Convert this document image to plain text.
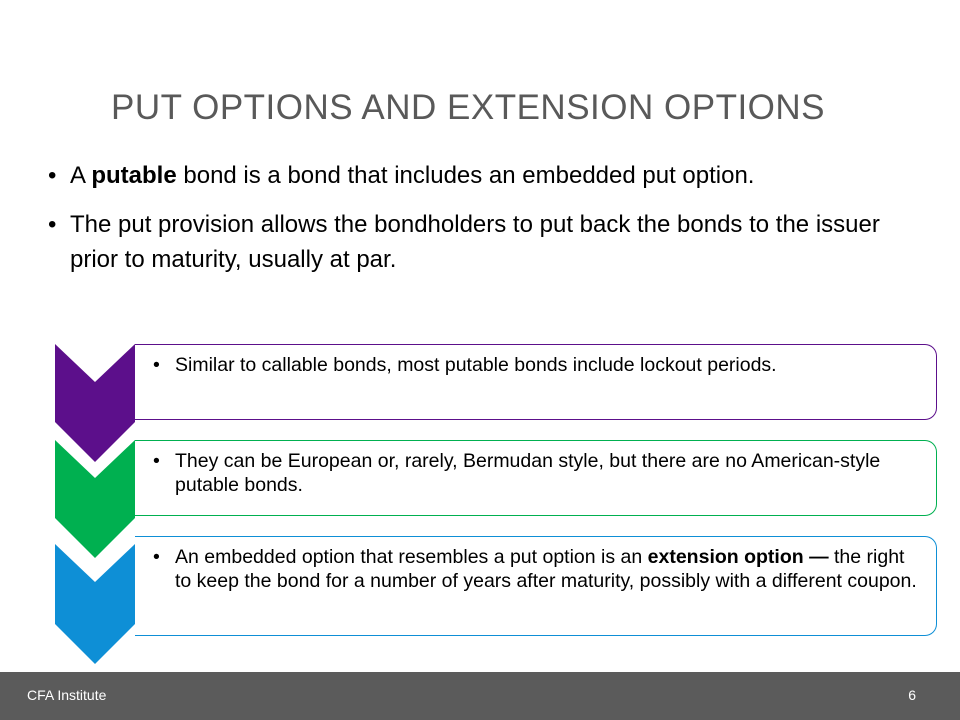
PUT OPTIONS AND EXTENSION OPTIONS
• A putable bond is a bond that includes an embedded put option.
• The put provision allows the bondholders to put back the bonds to the issuer prior to maturity, usually at par.
• Similar to callable bonds, most putable bonds include lockout periods.
• They can be European or, rarely, Bermudan style, but there are no American-style putable bonds.
• An embedded option that resembles a put option is an extension option — the right to keep the bond for a number of years after maturity, possibly with a different coupon.
CFA Institute	6
